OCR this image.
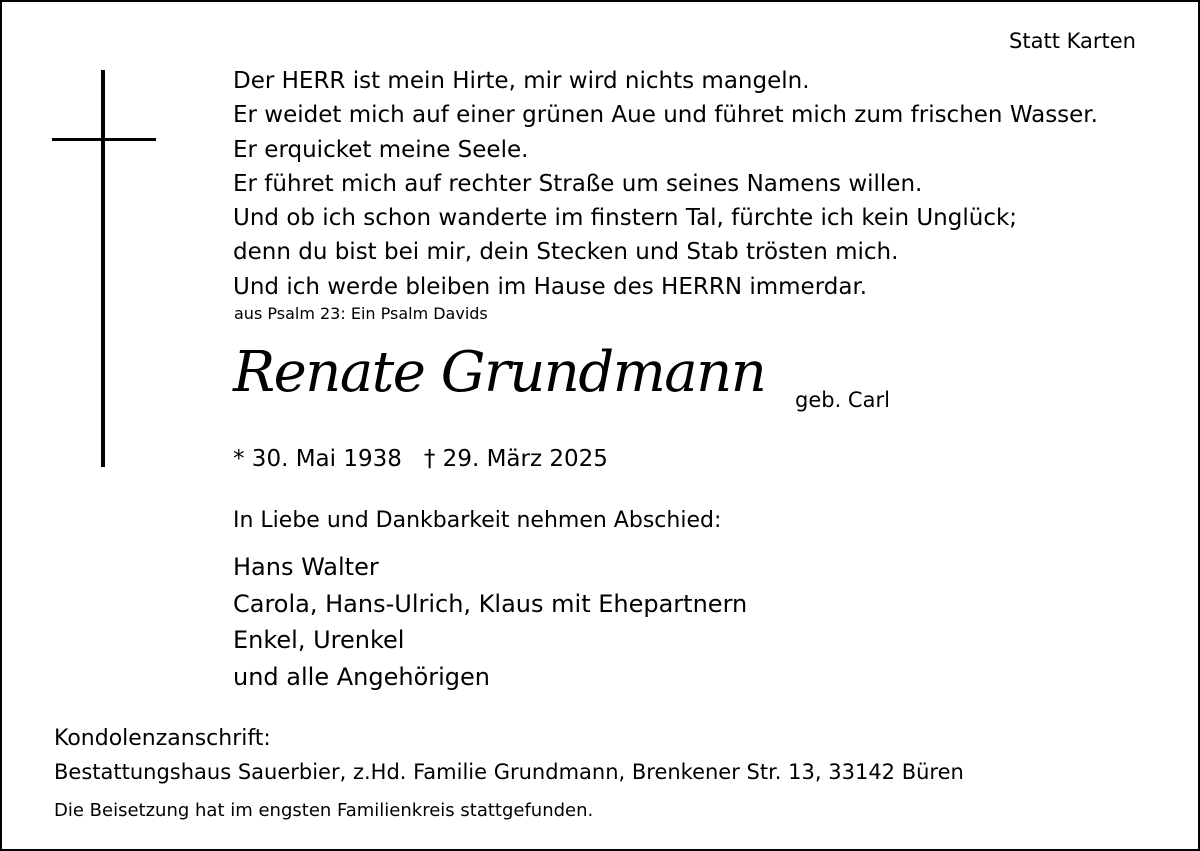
Statt Karten
Der HERR ist mein Hirte, mir wird nichts mangeln.
Er weidet mich auf einer grünen Aue und führet mich zum frischen Wasser.
Er erquicket meine Seele.
Er führet mich auf rechter Straße um seines Namens willen.
Und ob ich schon wanderte im finstern Tal, fürchte ich kein Unglück;
denn du bist bei mir, dein Stecken und Stab trösten mich.
Und ich werde bleiben im Hause des HERRN immerdar.
aus Psalm 23: Ein Psalm Davids
Renate Grundmann geb. Carl
* 30. Mai 1938 † 29. März 2025
In Liebe und Dankbarkeit nehmen Abschied:
Hans Walter
Carola, Hans-Ulrich, Klaus mit Ehepartnern
Enkel, Urenkel
und alle Angehörigen
Kondolenzanschrift:
Bestattungshaus Sauerbier, z.Hd. Familie Grundmann, Brenkener Str. 13, 33142 Büren
Die Beisetzung hat im engsten Familienkreis stattgefunden.
